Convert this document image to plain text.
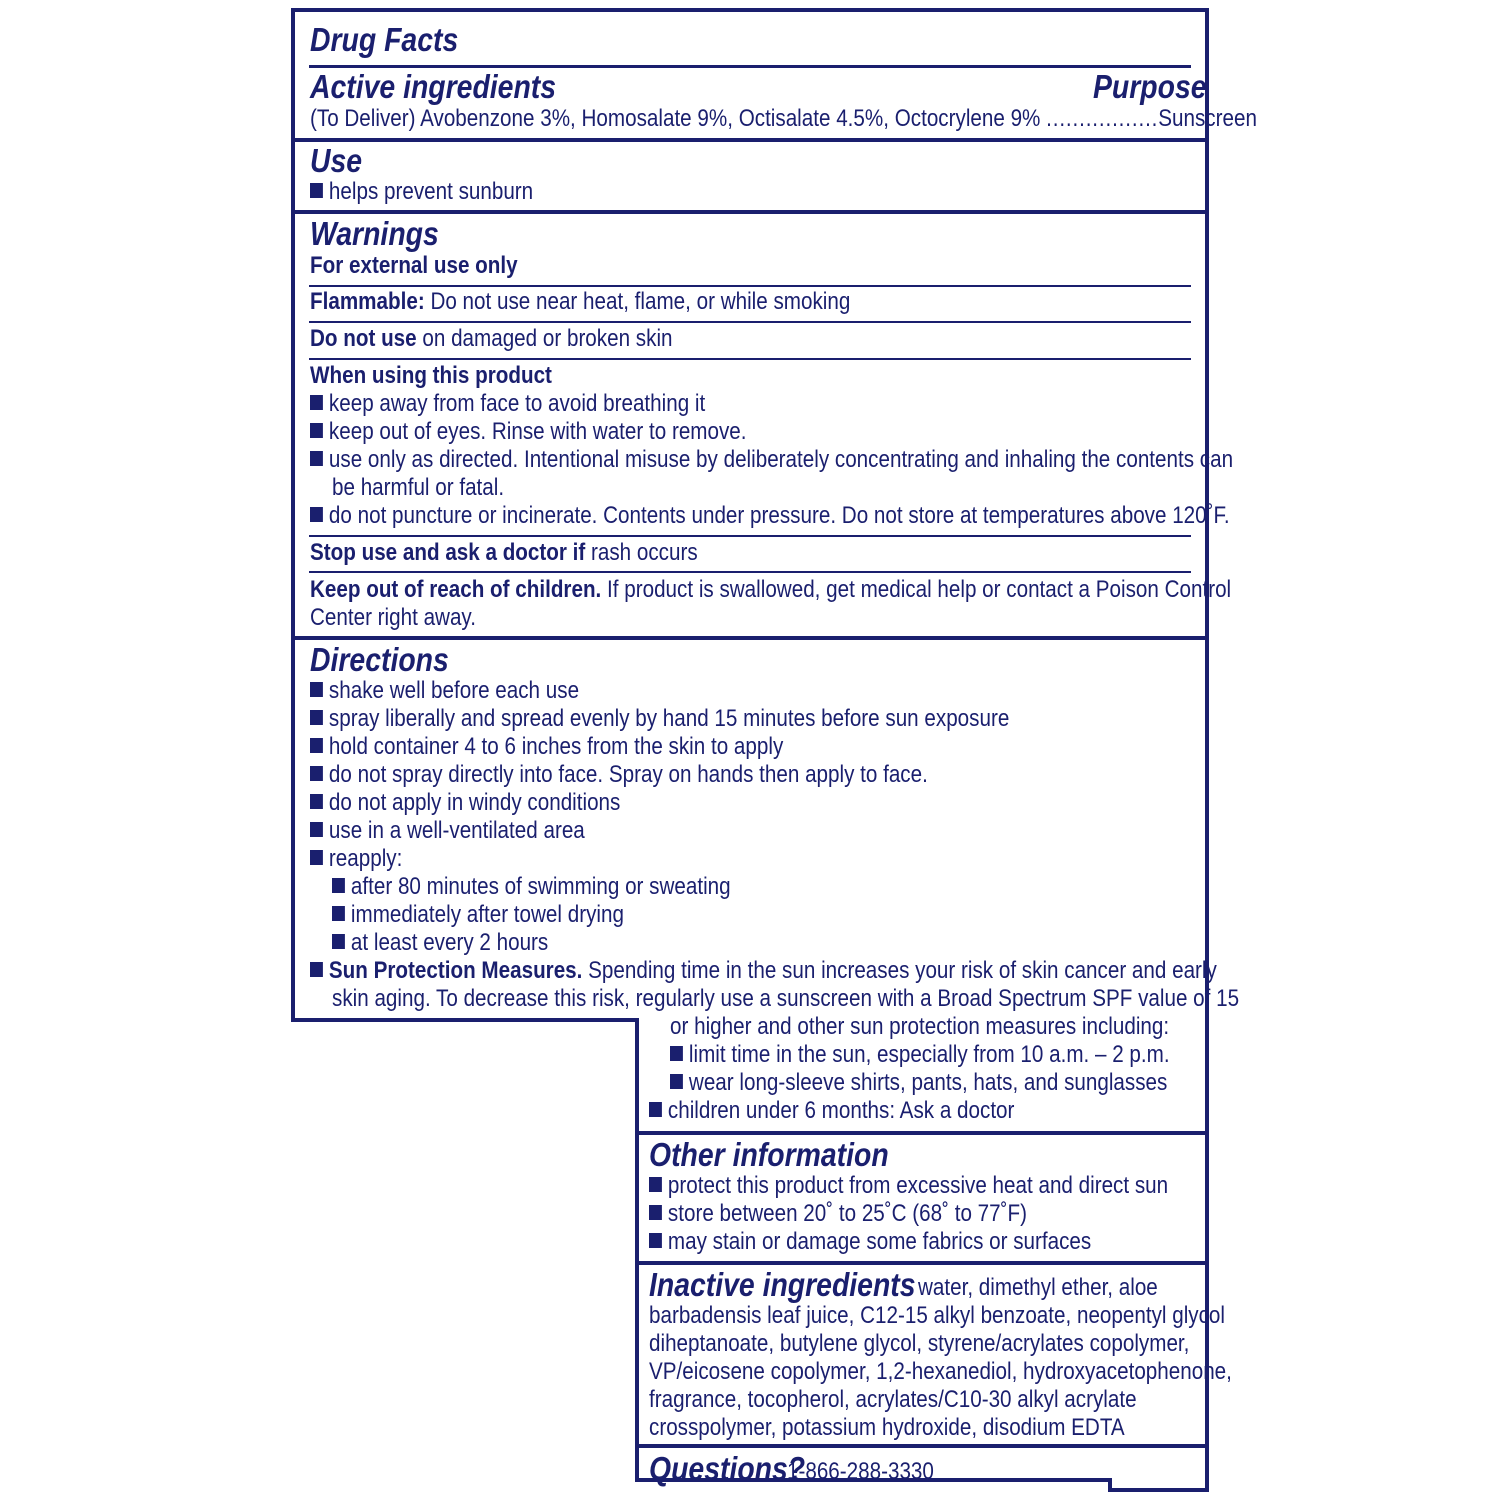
Drug Facts
Active ingredients	Purpose
(To Deliver) Avobenzone 3%, Homosalate 9%, Octisalate 4.5%, Octocrylene 9% .................Sunscreen
Use
helps prevent sunburn
Warnings
For external use only
Flammable: Do not use near heat, flame, or while smoking
Do not use on damaged or broken skin
When using this product
keep away from face to avoid breathing it
keep out of eyes. Rinse with water to remove.
use only as directed. Intentional misuse by deliberately concentrating and inhaling the contents can
be harmful or fatal.
do not puncture or incinerate. Contents under pressure. Do not store at temperatures above 120˚F.
Stop use and ask a doctor if rash occurs
Keep out of reach of children. If product is swallowed, get medical help or contact a Poison Control
Center right away.
Directions
shake well before each use
spray liberally and spread evenly by hand 15 minutes before sun exposure
hold container 4 to 6 inches from the skin to apply
do not spray directly into face. Spray on hands then apply to face.
do not apply in windy conditions
use in a well-ventilated area
reapply:
after 80 minutes of swimming or sweating
immediately after towel drying
at least every 2 hours
Sun Protection Measures. Spending time in the sun increases your risk of skin cancer and early
skin aging. To decrease this risk, regularly use a sunscreen with a Broad Spectrum SPF value of 15
or higher and other sun protection measures including:
limit time in the sun, especially from 10 a.m. – 2 p.m.
wear long-sleeve shirts, pants, hats, and sunglasses
children under 6 months: Ask a doctor
Other information
protect this product from excessive heat and direct sun
store between 20˚ to 25˚C (68˚ to 77˚F)
may stain or damage some fabrics or surfaces
Inactive ingredients water, dimethyl ether, aloe
barbadensis leaf juice, C12-15 alkyl benzoate, neopentyl glycol
diheptanoate, butylene glycol, styrene/acrylates copolymer,
VP/eicosene copolymer, 1,2-hexanediol, hydroxyacetophenone,
fragrance, tocopherol, acrylates/C10-30 alkyl acrylate
crosspolymer, potassium hydroxide, disodium EDTA
Questions?
1-866-288-3330
